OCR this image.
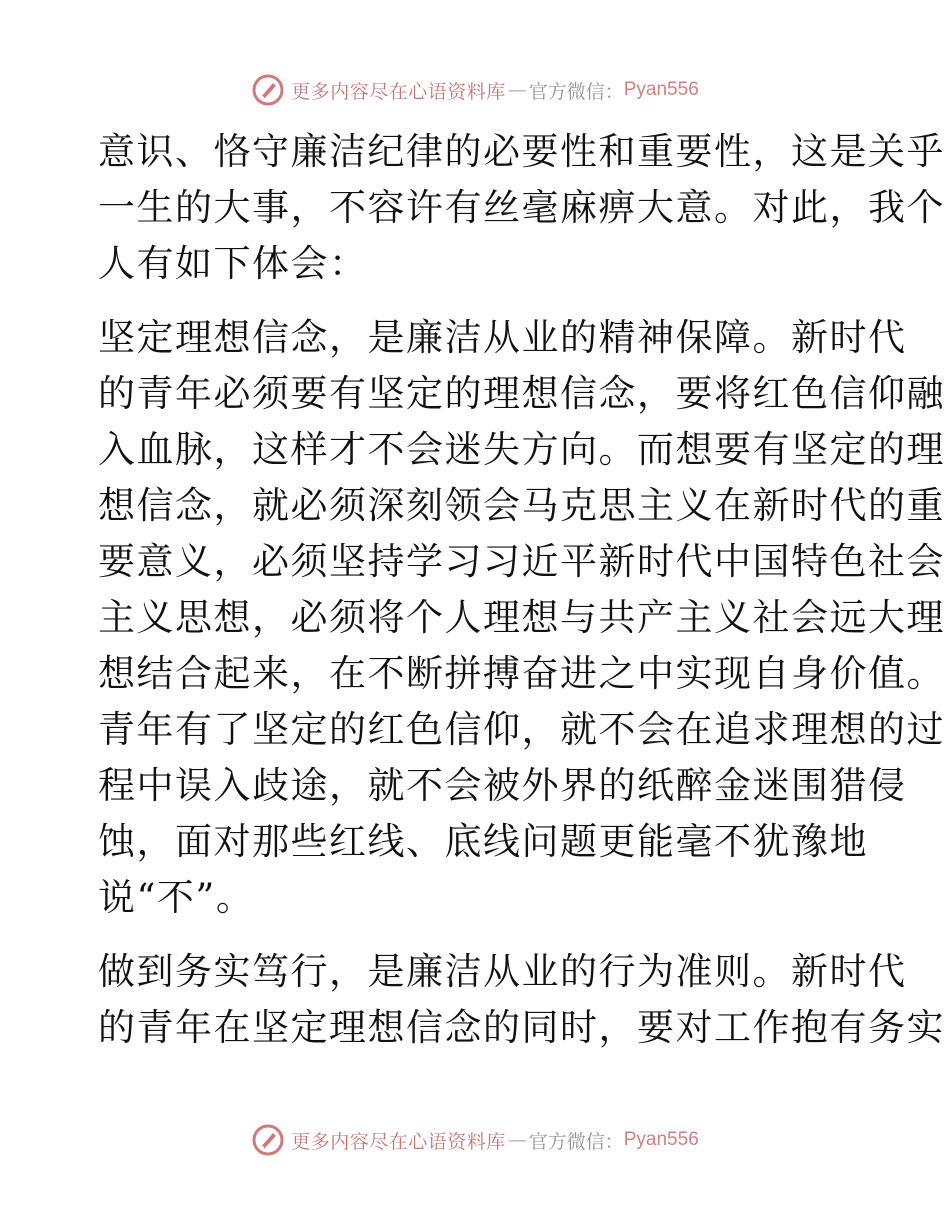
更多内容尽在心语资料库 — 官方微信： Pyan556

意识、恪守廉洁纪律的必要性和重要性，这是关乎
一生的大事，不容许有丝毫麻痹大意。对此，我个
人有如下体会：

坚定理想信念，是廉洁从业的精神保障。新时代
的青年必须要有坚定的理想信念，要将红色信仰融
入血脉，这样才不会迷失方向。而想要有坚定的理
想信念，就必须深刻领会马克思主义在新时代的重
要意义，必须坚持学习习近平新时代中国特色社会
主义思想，必须将个人理想与共产主义社会远大理
想结合起来，在不断拼搏奋进之中实现自身价值。
青年有了坚定的红色信仰，就不会在追求理想的过
程中误入歧途，就不会被外界的纸醉金迷围猎侵
蚀，面对那些红线、底线问题更能毫不犹豫地
说“不”。

做到务实笃行，是廉洁从业的行为准则。新时代
的青年在坚定理想信念的同时，要对工作抱有务实

更多内容尽在心语资料库 — 官方微信： Pyan556
